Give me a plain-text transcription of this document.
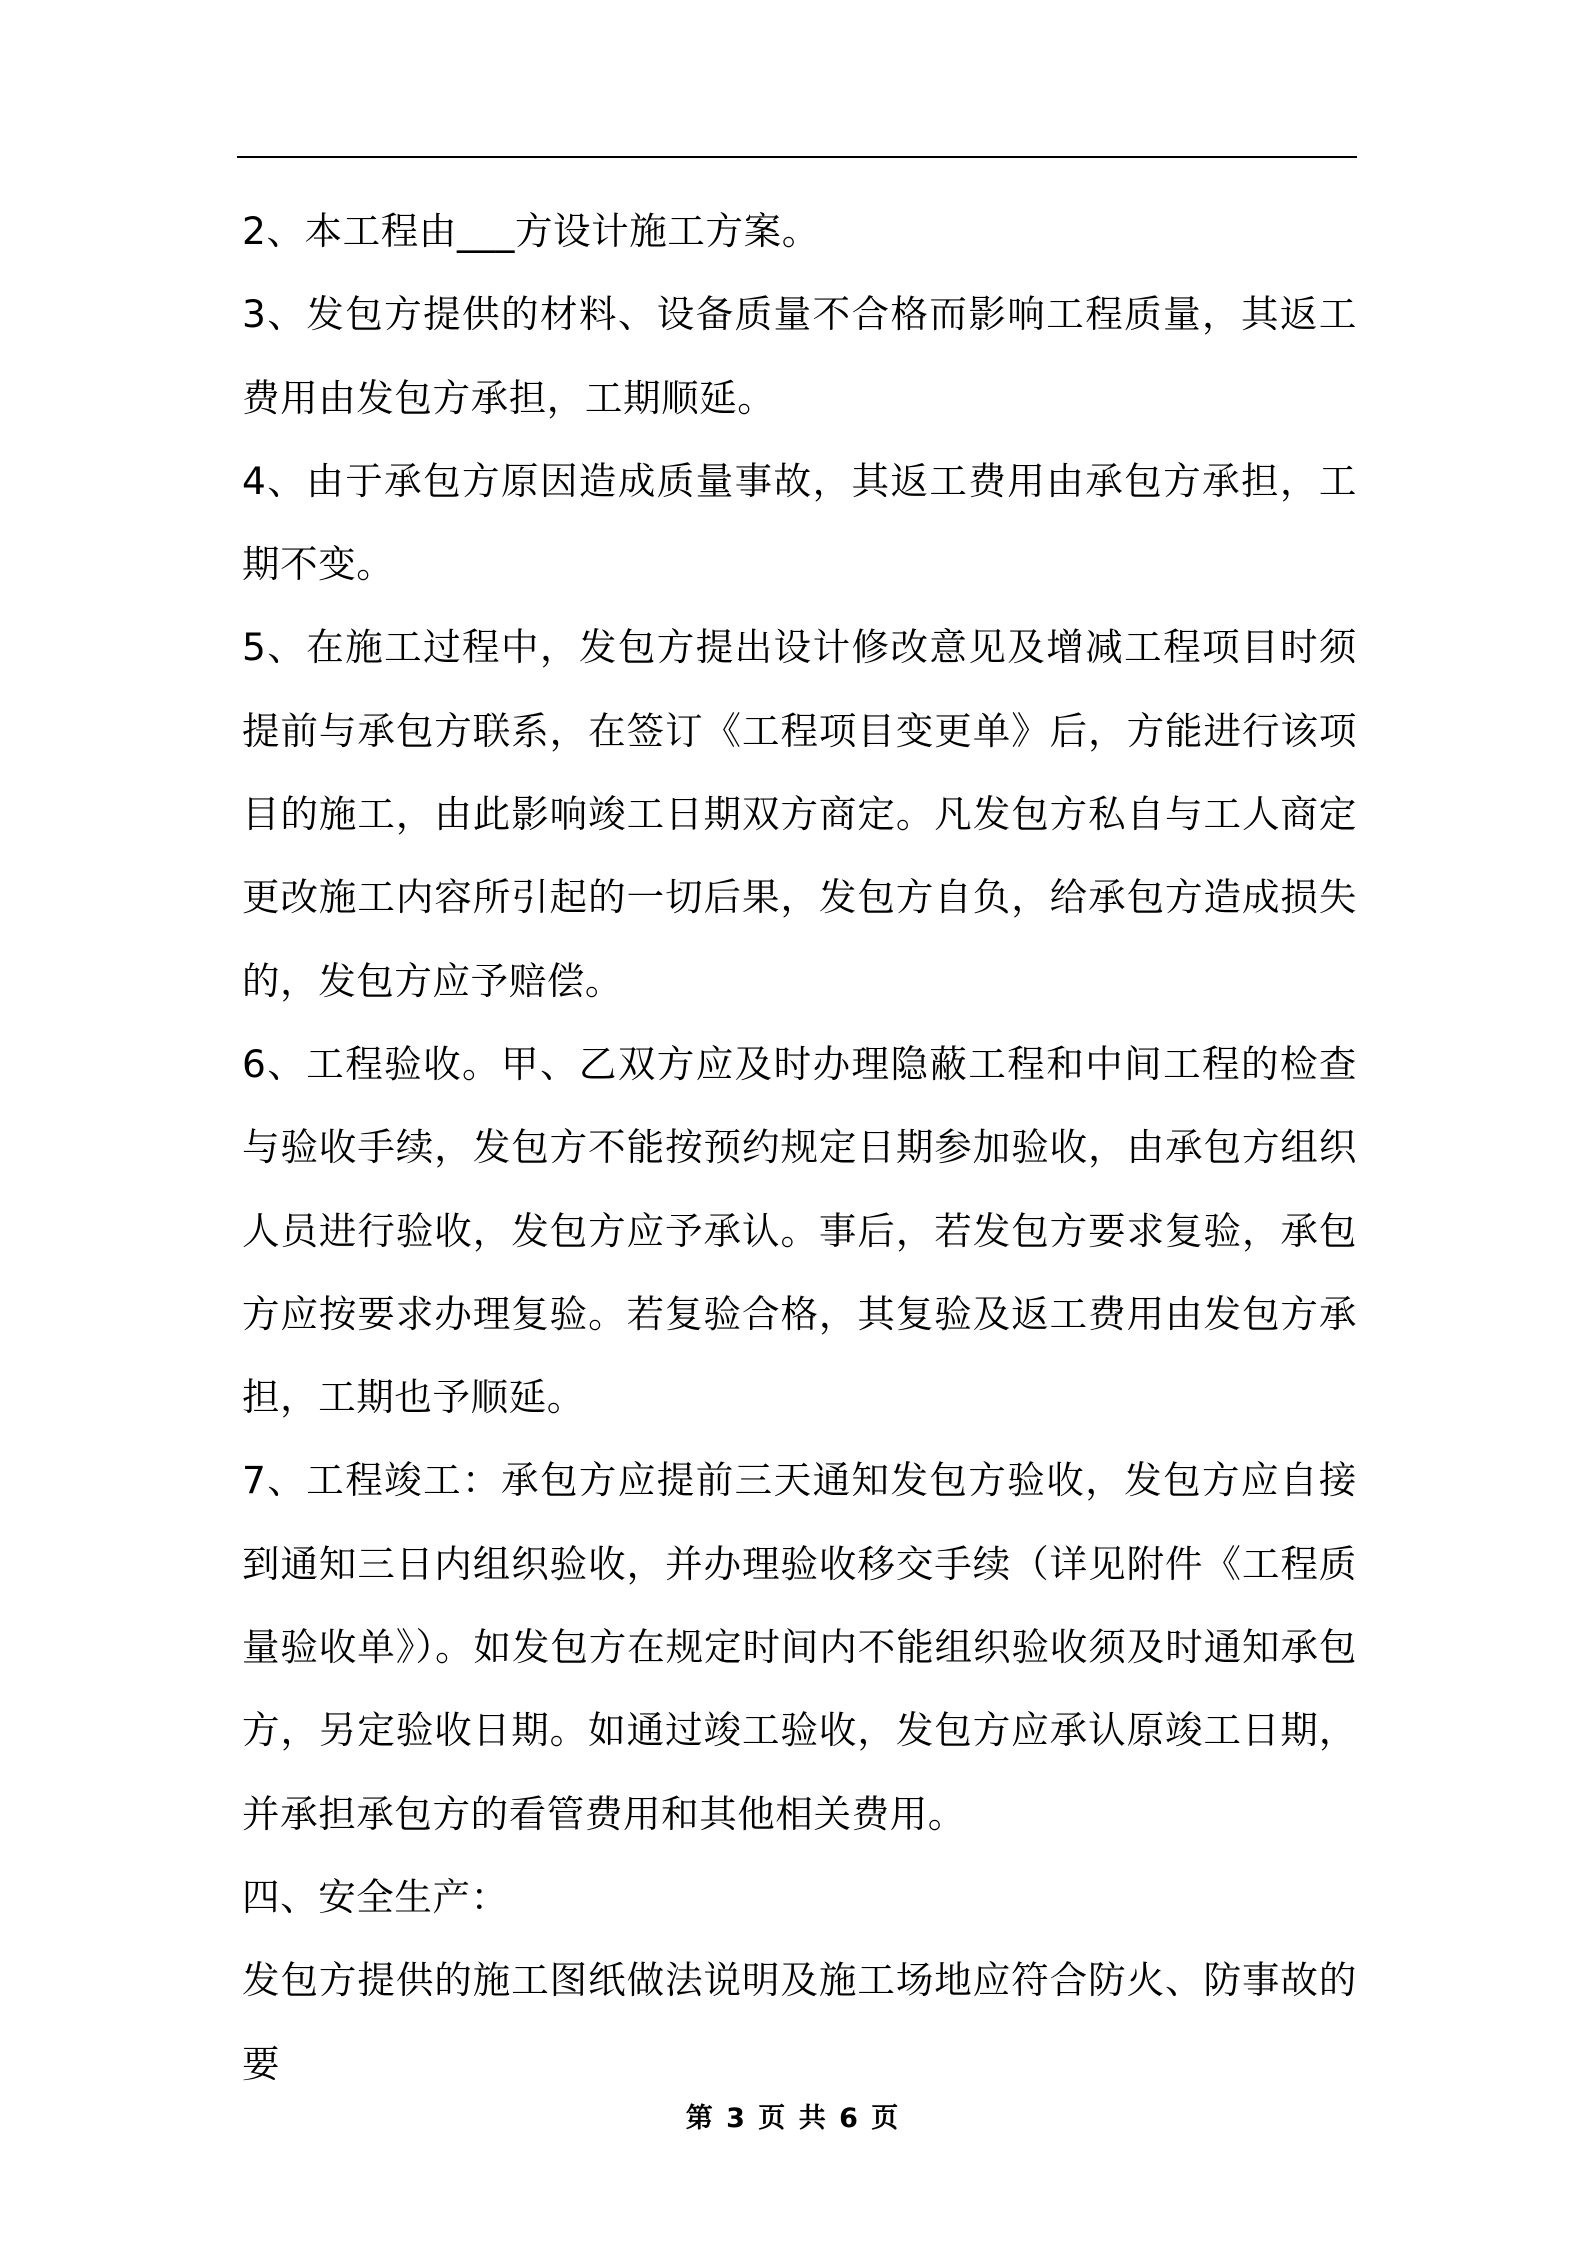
2、本工程由___方设计施工方案。

3、发包方提供的材料、设备质量不合格而影响工程质量，其返工费用由发包方承担，工期顺延。

4、由于承包方原因造成质量事故，其返工费用由承包方承担，工期不变。

5、在施工过程中，发包方提出设计修改意见及增减工程项目时须提前与承包方联系，在签订《工程项目变更单》后，方能进行该项目的施工，由此影响竣工日期双方商定。凡发包方私自与工人商定更改施工内容所引起的一切后果，发包方自负，给承包方造成损失的，发包方应予赔偿。

6、工程验收。甲、乙双方应及时办理隐蔽工程和中间工程的检查与验收手续，发包方不能按预约规定日期参加验收，由承包方组织人员进行验收，发包方应予承认。事后，若发包方要求复验，承包方应按要求办理复验。若复验合格，其复验及返工费用由发包方承担，工期也予顺延。

7、工程竣工：承包方应提前三天通知发包方验收，发包方应自接到通知三日内组织验收，并办理验收移交手续（详见附件《工程质量验收单》）。如发包方在规定时间内不能组织验收须及时通知承包方，另定验收日期。如通过竣工验收，发包方应承认原竣工日期，并承担承包方的看管费用和其他相关费用。

四、安全生产：

发包方提供的施工图纸做法说明及施工场地应符合防火、防事故的要

第 3 页 共 6 页
